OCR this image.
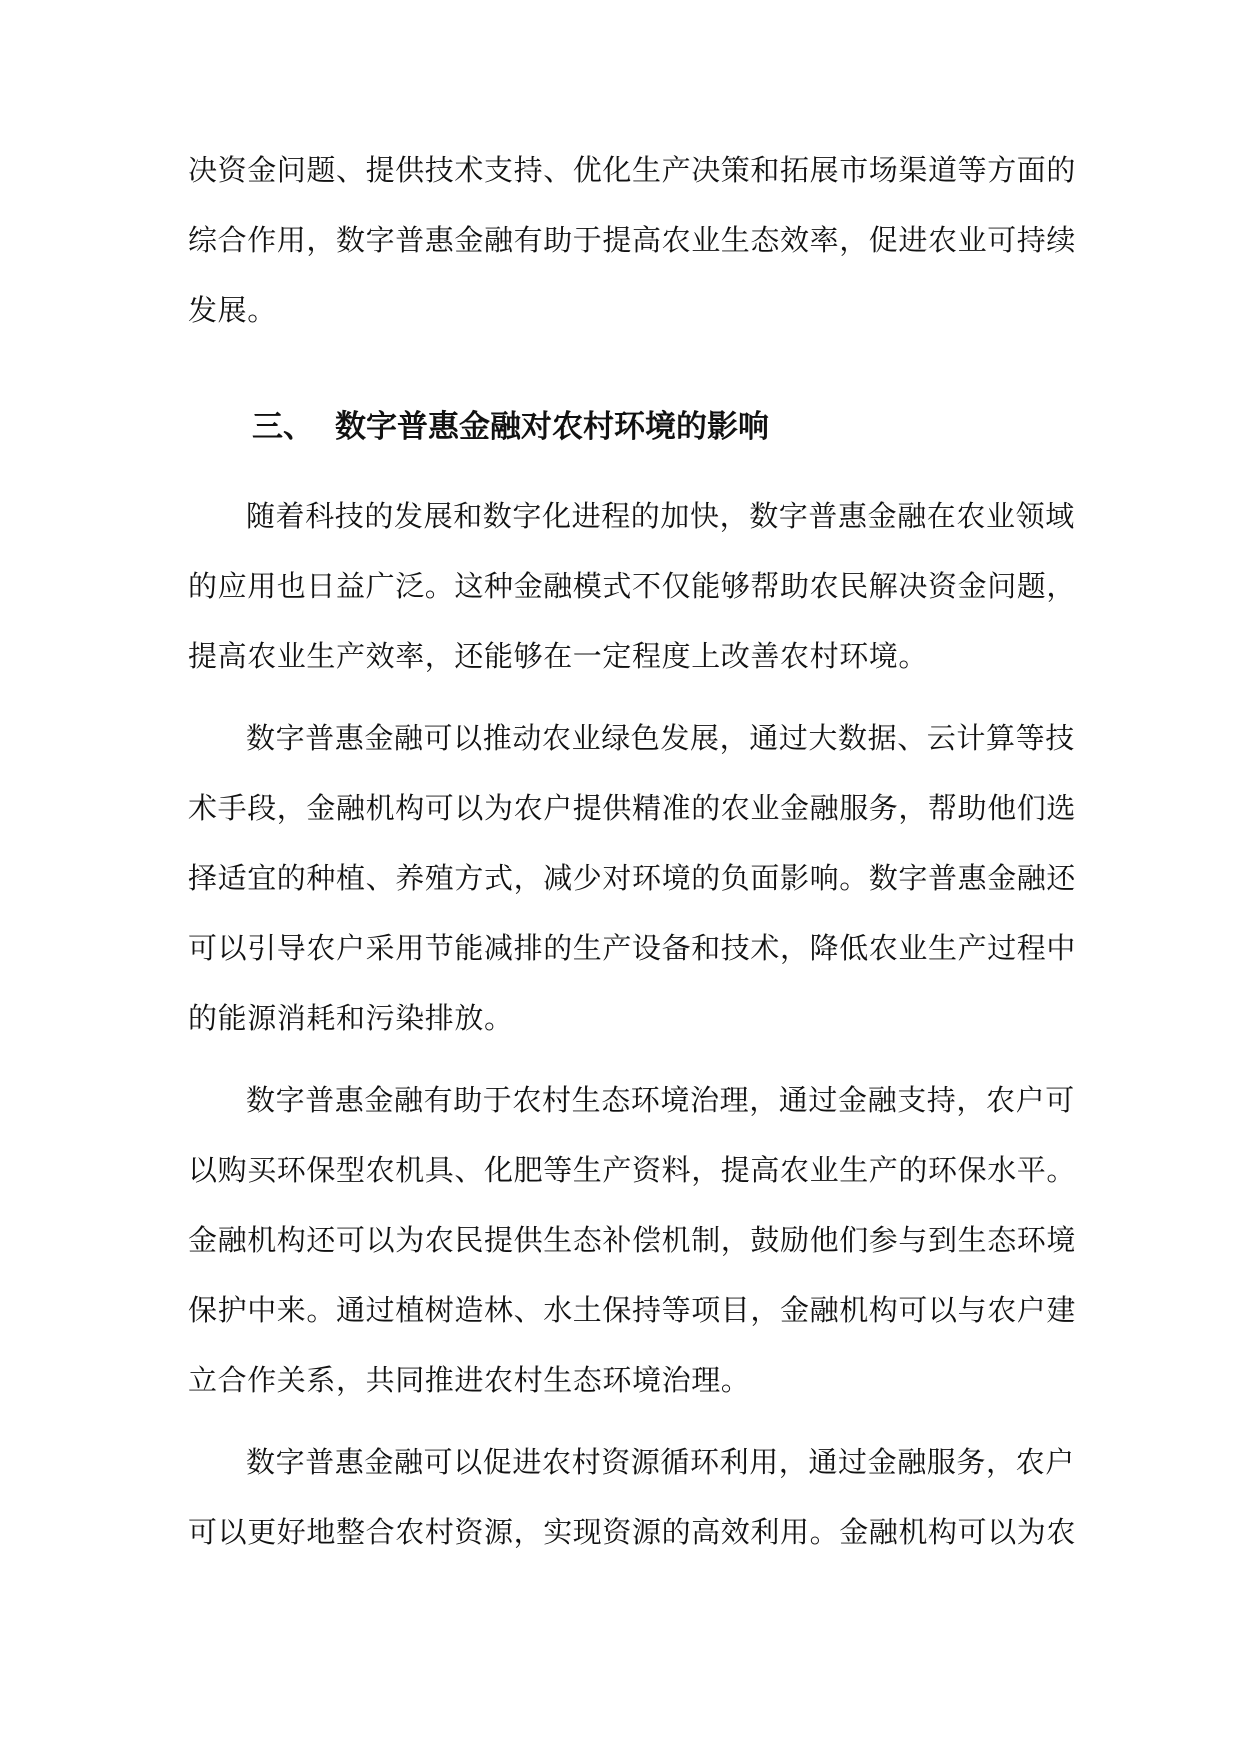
决资金问题、提供技术支持、优化生产决策和拓展市场渠道等方面的
综合作用，数字普惠金融有助于提高农业生态效率，促进农业可持续
发展。
三、 数字普惠金融对农村环境的影响
随着科技的发展和数字化进程的加快，数字普惠金融在农业领域
的应用也日益广泛。这种金融模式不仅能够帮助农民解决资金问题，
提高农业生产效率，还能够在一定程度上改善农村环境。
数字普惠金融可以推动农业绿色发展，通过大数据、云计算等技
术手段，金融机构可以为农户提供精准的农业金融服务，帮助他们选
择适宜的种植、养殖方式，减少对环境的负面影响。数字普惠金融还
可以引导农户采用节能减排的生产设备和技术，降低农业生产过程中
的能源消耗和污染排放。
数字普惠金融有助于农村生态环境治理，通过金融支持，农户可
以购买环保型农机具、化肥等生产资料，提高农业生产的环保水平。
金融机构还可以为农民提供生态补偿机制，鼓励他们参与到生态环境
保护中来。通过植树造林、水土保持等项目，金融机构可以与农户建
立合作关系，共同推进农村生态环境治理。
数字普惠金融可以促进农村资源循环利用，通过金融服务，农户
可以更好地整合农村资源，实现资源的高效利用。金融机构可以为农
